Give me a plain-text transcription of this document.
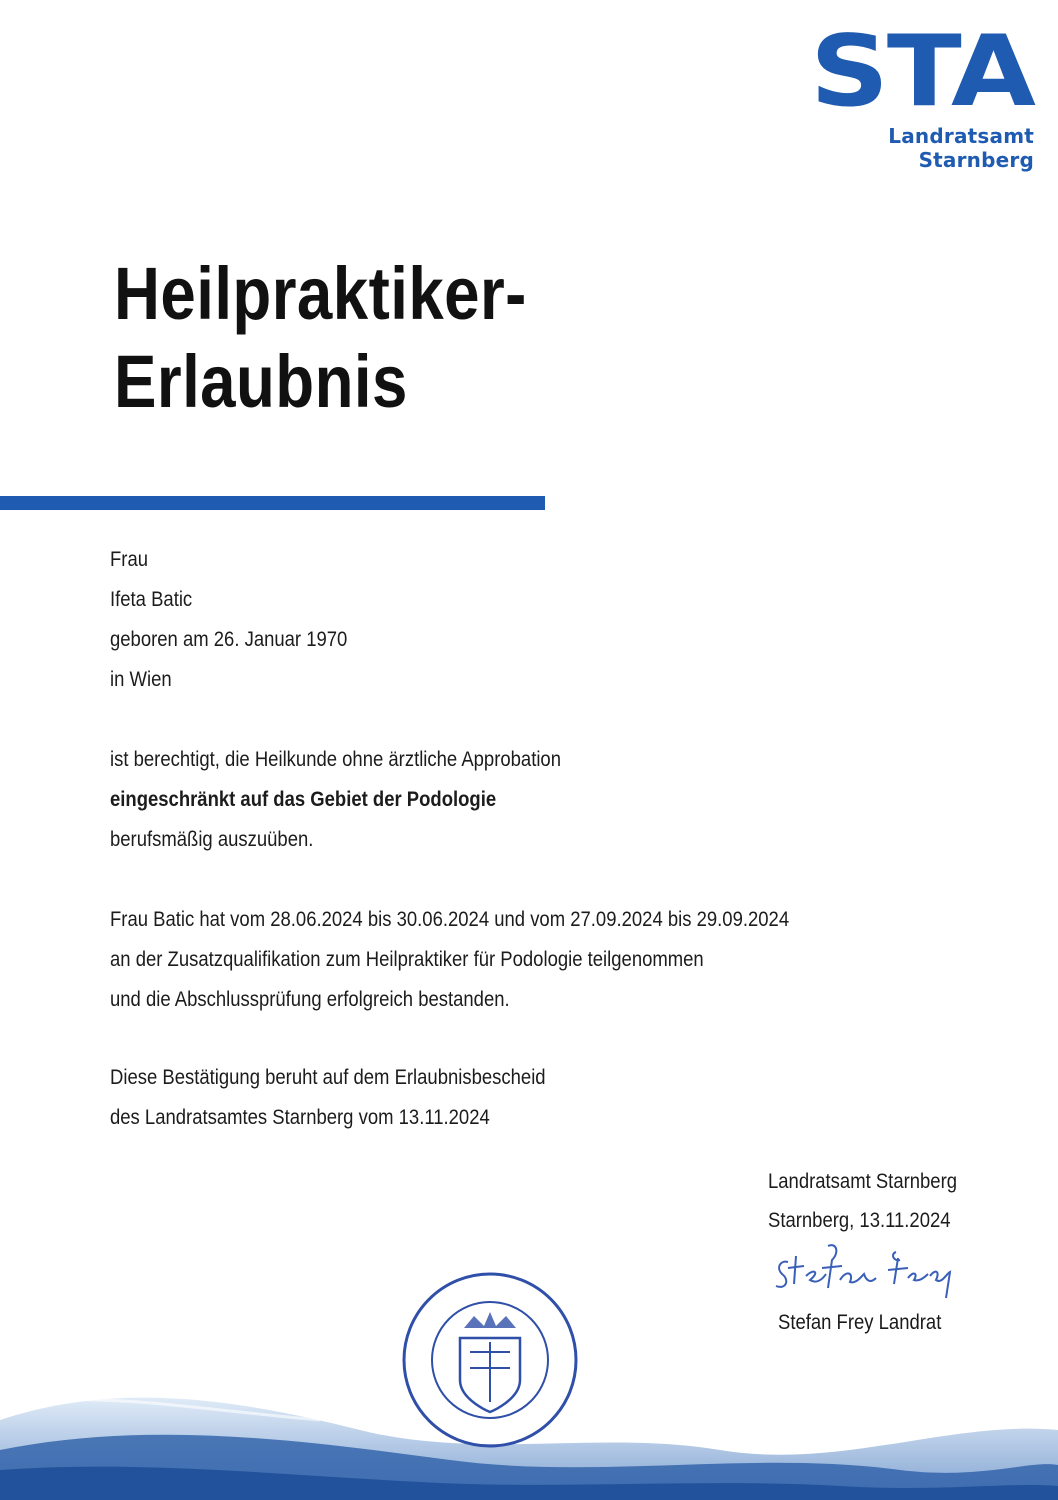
STA
Landratsamt Starnberg
Heilpraktiker-
Erlaubnis
Frau
Ifeta Batic
geboren am 26. Januar 1970
in Wien
ist berechtigt, die Heilkunde ohne ärztliche Approbation
eingeschränkt auf das Gebiet der Podologie
berufsmäßig auszuüben.
Frau Batic hat vom 28.06.2024 bis 30.06.2024 und vom 27.09.2024 bis 29.09.2024
an der Zusatzqualifikation zum Heilpraktiker für Podologie teilgenommen
und die Abschlussprüfung erfolgreich bestanden.
Diese Bestätigung beruht auf dem Erlaubnisbescheid
des Landratsamtes Starnberg vom 13.11.2024
Landratsamt Starnberg
Starnberg, 13.11.2024
Stefan Frey Landrat
